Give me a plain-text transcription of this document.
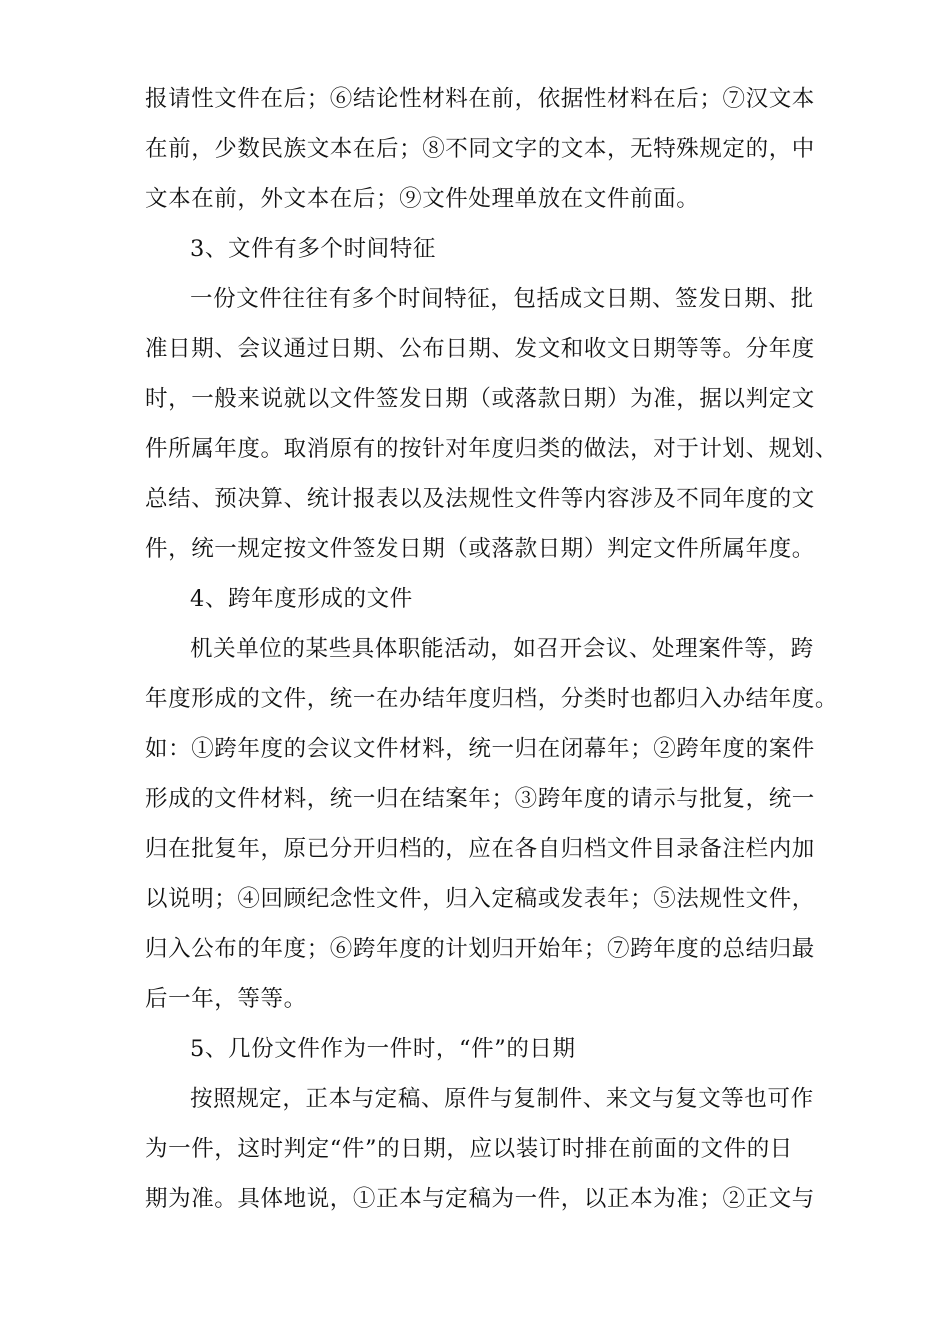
报请性文件在后；⑥结论性材料在前，依据性材料在后；⑦汉文本
在前，少数民族文本在后；⑧不同文字的文本，无特殊规定的，中
文本在前，外文本在后；⑨文件处理单放在文件前面。
3、文件有多个时间特征
一份文件往往有多个时间特征，包括成文日期、签发日期、批
准日期、会议通过日期、公布日期、发文和收文日期等等。分年度
时，一般来说就以文件签发日期（或落款日期）为准，据以判定文
件所属年度。取消原有的按针对年度归类的做法，对于计划、规划、
总结、预决算、统计报表以及法规性文件等内容涉及不同年度的文
件，统一规定按文件签发日期（或落款日期）判定文件所属年度。
4、跨年度形成的文件
机关单位的某些具体职能活动，如召开会议、处理案件等，跨
年度形成的文件，统一在办结年度归档，分类时也都归入办结年度。
如：①跨年度的会议文件材料，统一归在闭幕年；②跨年度的案件
形成的文件材料，统一归在结案年；③跨年度的请示与批复，统一
归在批复年，原已分开归档的，应在各自归档文件目录备注栏内加
以说明；④回顾纪念性文件，归入定稿或发表年；⑤法规性文件，
归入公布的年度；⑥跨年度的计划归开始年；⑦跨年度的总结归最
后一年，等等。
5、几份文件作为一件时，“件”的日期
按照规定，正本与定稿、原件与复制件、来文与复文等也可作
为一件，这时判定“件”的日期，应以装订时排在前面的文件的日
期为准。具体地说，①正本与定稿为一件，以正本为准；②正文与
